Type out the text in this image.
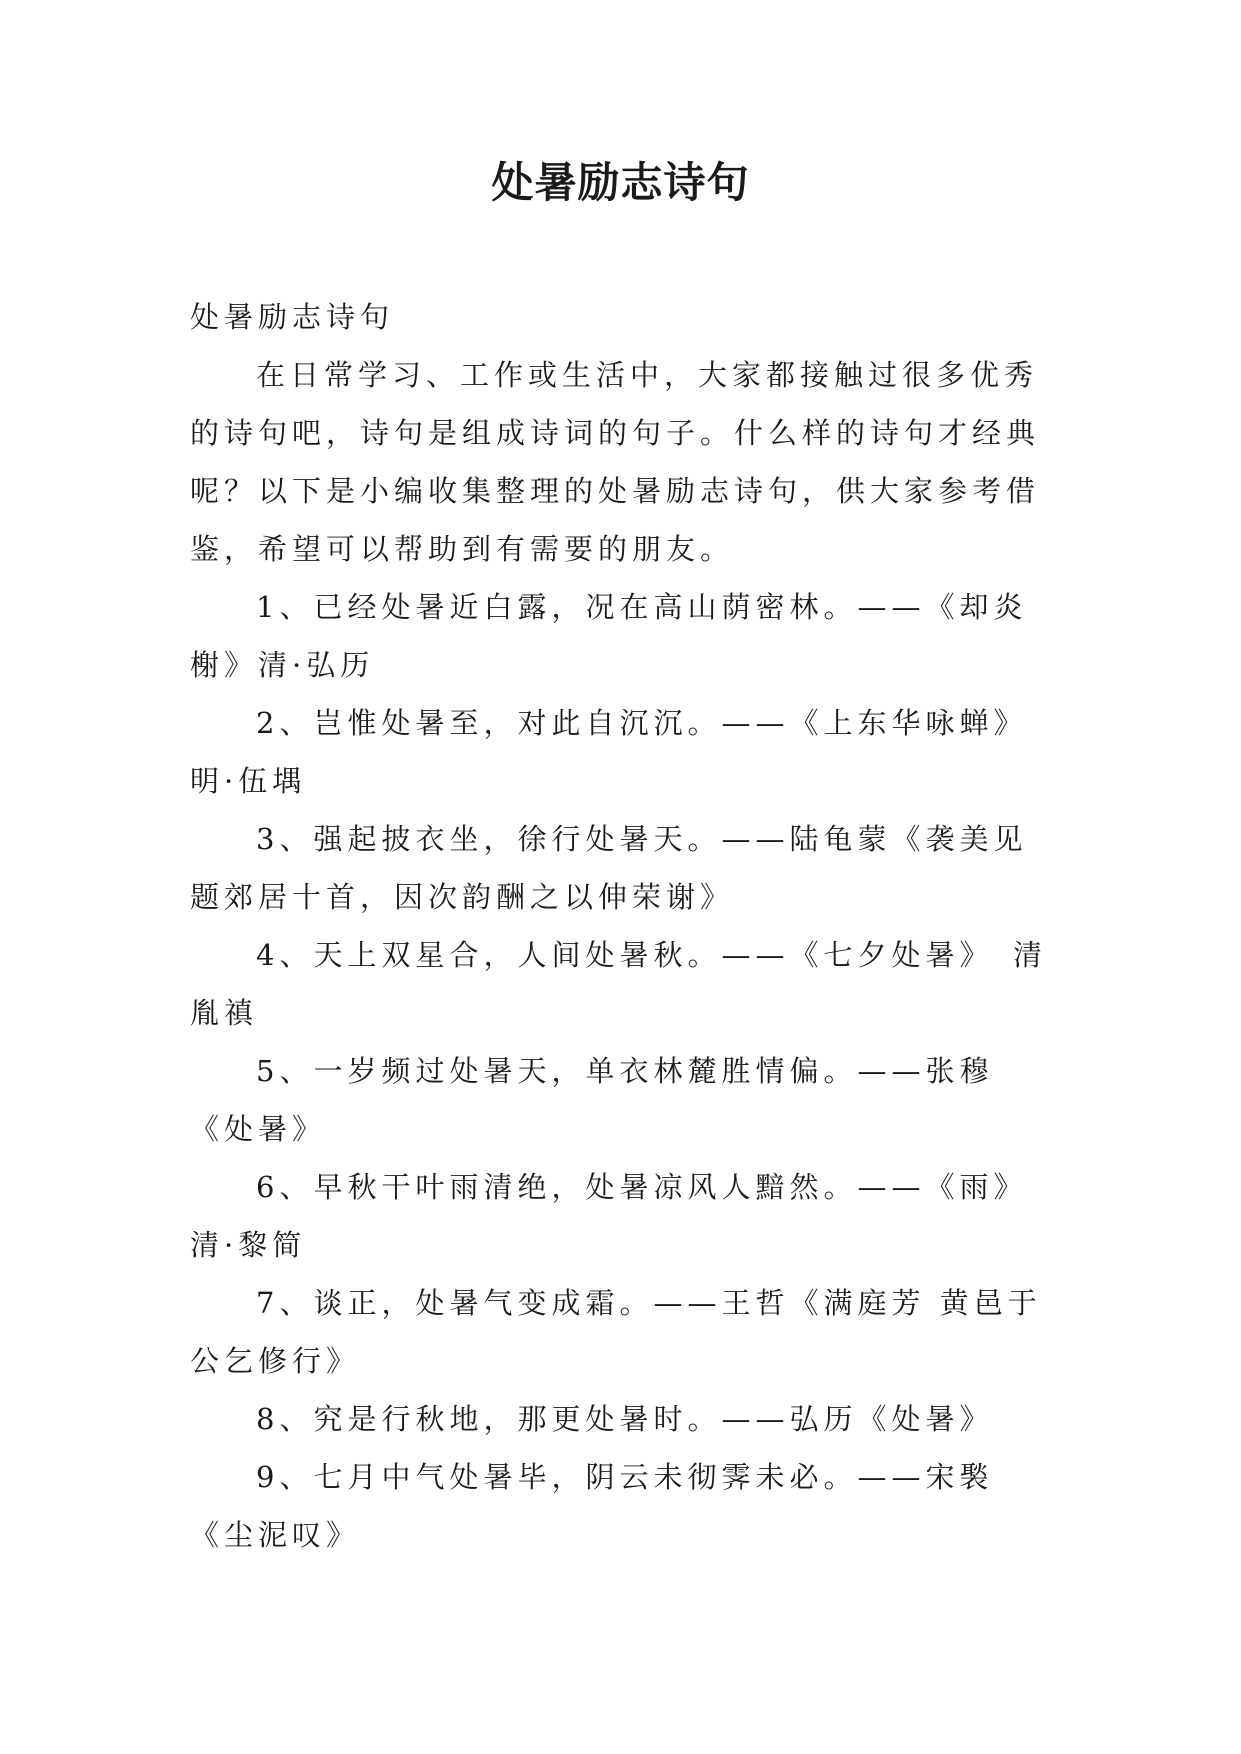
处暑励志诗句

处暑励志诗句

在日常学习、工作或生活中，大家都接触过很多优秀的诗句吧，诗句是组成诗词的句子。什么样的诗句才经典呢？以下是小编收集整理的处暑励志诗句，供大家参考借鉴，希望可以帮助到有需要的朋友。

1、已经处暑近白露，况在高山荫密林。——《却炎榭》清·弘历

2、岂惟处暑至，对此自沉沉。——《上东华咏蝉》明·伍堣

3、强起披衣坐，徐行处暑天。——陆龟蒙《袭美见题郊居十首，因次韵酬之以伸荣谢》

4、天上双星合，人间处暑秋。——《七夕处暑》　清胤禛

5、一岁频过处暑天，单衣林麓胜情偏。——张穆《处暑》

6、早秋干叶雨清绝，处暑凉风人黯然。——《雨》清·黎简

7、谈正，处暑气变成霜。——王哲《满庭芳 黄邑于公乞修行》

8、究是行秋地，那更处暑时。——弘历《处暑》

9、七月中气处暑毕，阴云未彻霁未必。——宋褧《尘泥叹》
